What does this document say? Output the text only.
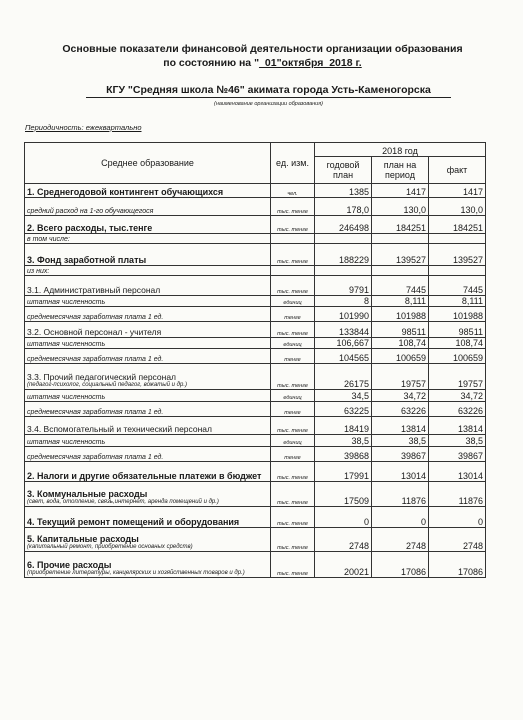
Основные показатели финансовой деятельности организации образования
по состоянию на "_01"октября_2018 г.
КГУ "Средняя школа №46" акимата города Усть-Каменогорска
(наименование организации образования)
Периодичность: ежеквартально
Среднее образование	ед. изм.	2018 год		
		годовой план	план на период	факт
1. Среднегодовой контингент обучающихся	чел.	1385	1417	1417
средний расход на 1-го обучающегося	тыс. тенге	178,0	130,0	130,0
2. Всего расходы, тыс.тенге	тыс. тенге	246498	184251	184251
в том числе:				
3. Фонд заработной платы	тыс. тенге	188229	139527	139527
из них:				
3.1. Административный персонал	тыс. тенге	9791	7445	7445
штатная численность	единиц	8	8,111	8,111
среднемесячная заработная плата 1 ед.	тенге	101990	101988	101988
3.2. Основной персонал - учителя	тыс. тенге	133844	98511	98511
штатная численность	единиц	106,667	108,74	108,74
среднемесячная заработная плата 1 ед.	тенге	104565	100659	100659
3.3. Прочий педагогический персонал
(педагог-психолог, социальный педагог, вожатый и др.)	тыс. тенге	26175	19757	19757
штатная численность	единиц	34,5	34,72	34,72
среднемесячная заработная плата 1 ед.	тенге	63225	63226	63226
3.4. Вспомогательный и технический персонал	тыс. тенге	18419	13814	13814
штатная численность	единиц	38,5	38,5	38,5
среднемесячная заработная плата 1 ед.	тенге	39868	39867	39867
2. Налоги и другие обязательные платежи в бюджет	тыс. тенге	17991	13014	13014
3. Коммунальные расходы
(свет, вода, отопление, связь,интернет, аренда помещений и др.)	тыс. тенге	17509	11876	11876
4. Текущий ремонт помещений и оборудования	тыс. тенге	0	0	0
5. Капитальные расходы
(капитальный ремонт, приобретение основных средств)	тыс. тенге	2748	2748	2748
6. Прочие расходы
(приобретение литературы, канцелярских и хозяйственных товаров и др.)	тыс. тенге	20021	17086	17086
